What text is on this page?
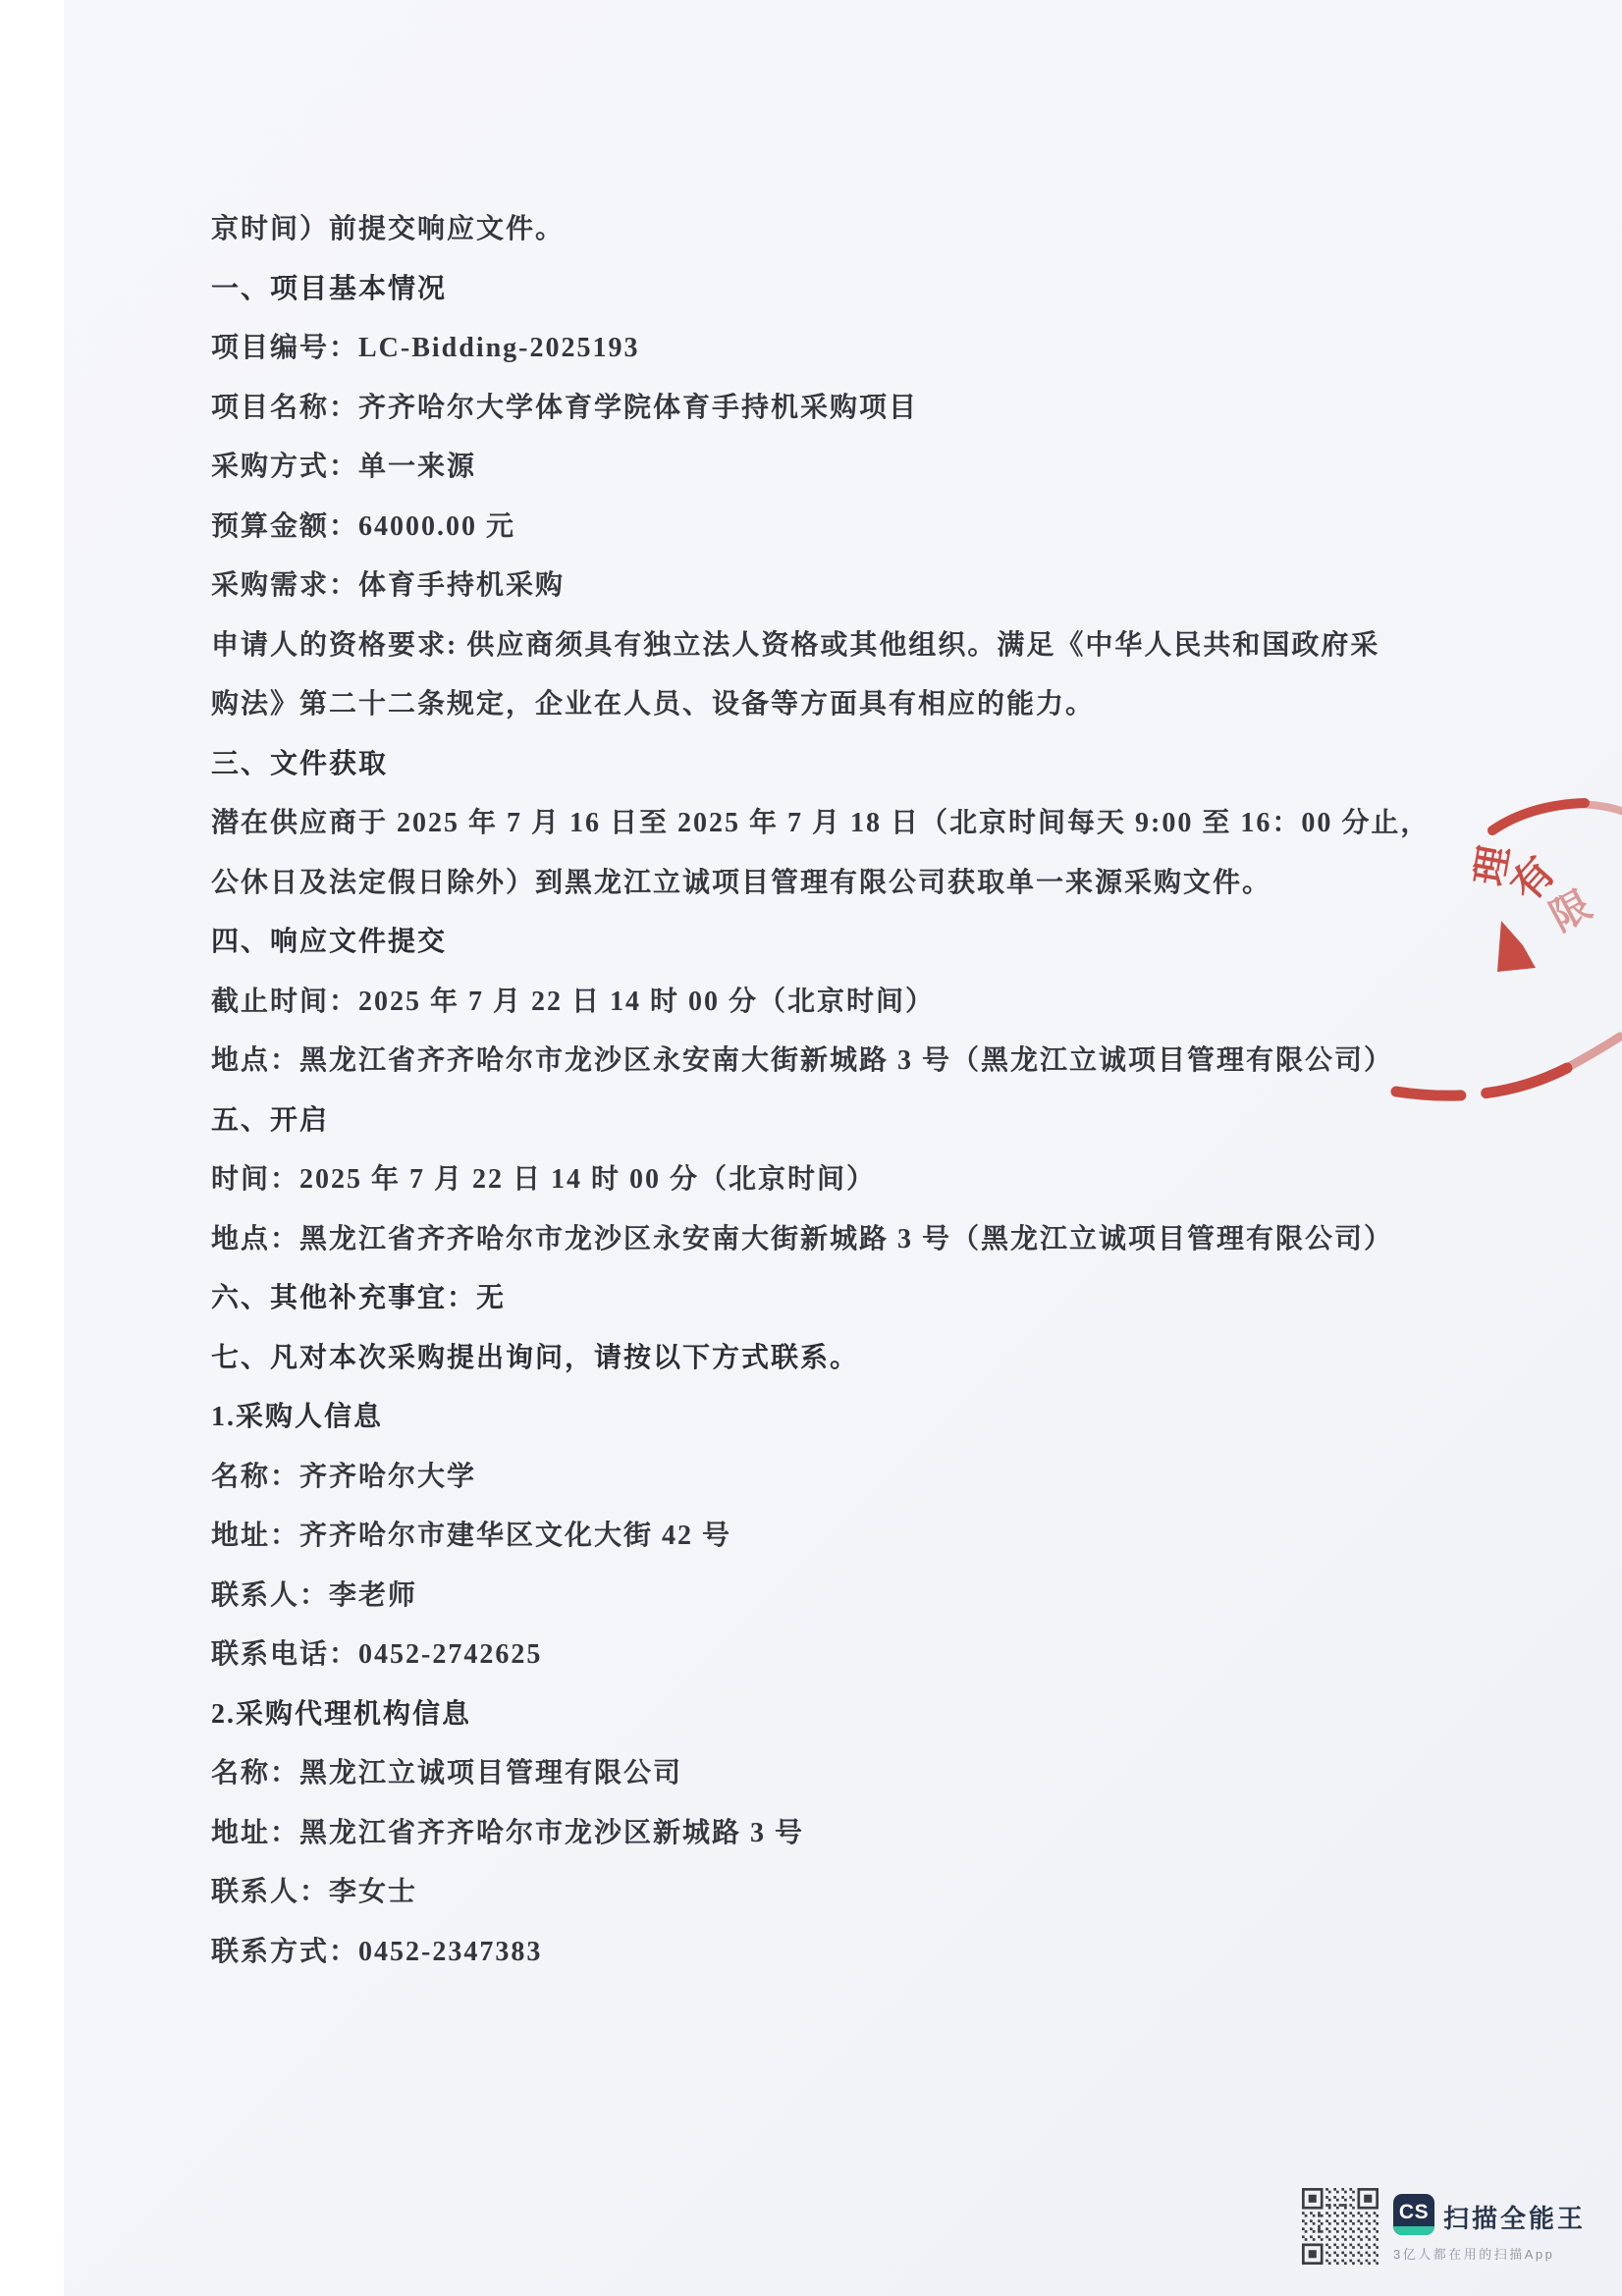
京时间）前提交响应文件。
一、项目基本情况
项目编号：LC-Bidding-2025193
项目名称：齐齐哈尔大学体育学院体育手持机采购项目
采购方式：单一来源
预算金额：64000.00 元
采购需求：体育手持机采购
申请人的资格要求: 供应商须具有独立法人资格或其他组织。满足《中华人民共和国政府采
购法》第二十二条规定，企业在人员、设备等方面具有相应的能力。
三、文件获取
潜在供应商于 2025 年 7 月 16 日至 2025 年 7 月 18 日（北京时间每天 9:00 至 16：00 分止，
公休日及法定假日除外）到黑龙江立诚项目管理有限公司获取单一来源采购文件。
四、响应文件提交
截止时间：2025 年 7 月 22 日 14 时 00 分（北京时间）
地点：黑龙江省齐齐哈尔市龙沙区永安南大街新城路 3 号（黑龙江立诚项目管理有限公司）
五、开启
时间：2025 年 7 月 22 日 14 时 00 分（北京时间）
地点：黑龙江省齐齐哈尔市龙沙区永安南大街新城路 3 号（黑龙江立诚项目管理有限公司）
六、其他补充事宜：无
七、凡对本次采购提出询问，请按以下方式联系。
1.采购人信息
名称：齐齐哈尔大学
地址：齐齐哈尔市建华区文化大街 42 号
联系人：李老师
联系电话：0452-2742625
2.采购代理机构信息
名称：黑龙江立诚项目管理有限公司
地址：黑龙江省齐齐哈尔市龙沙区新城路 3 号
联系人：李女士
联系方式：0452-2347383
理
有
限
CS 扫描全能王
3亿人都在用的扫描App
